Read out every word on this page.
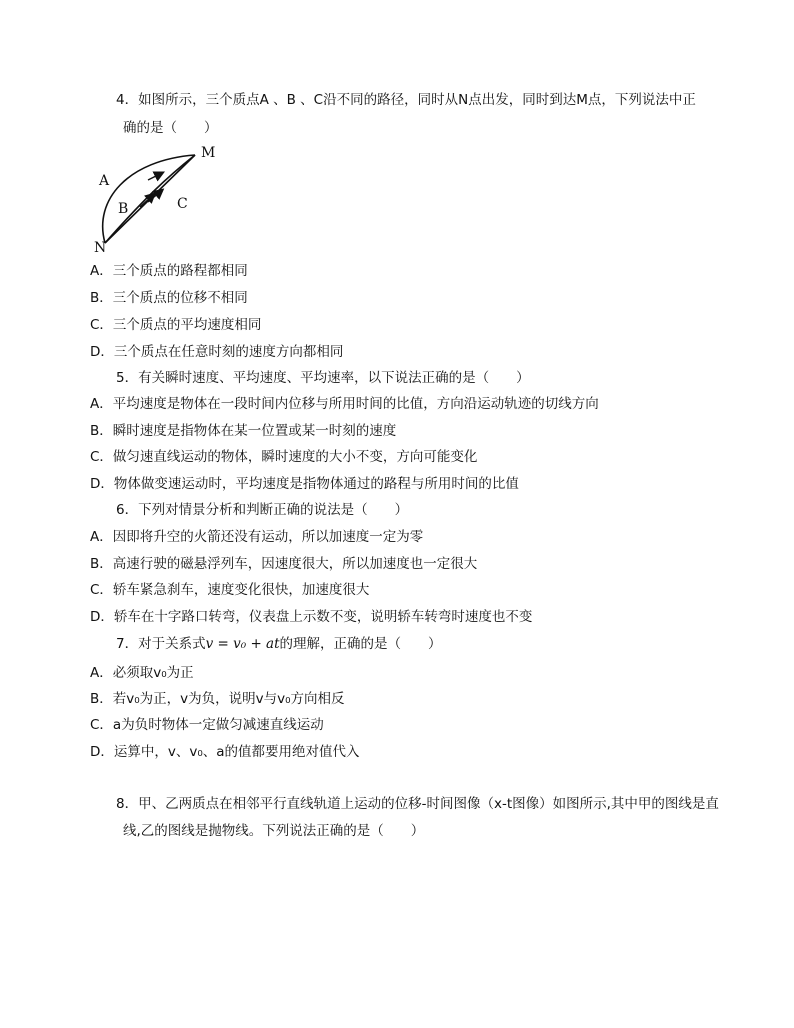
4．如图所示，三个质点A 、B 、C沿不同的路径，同时从N点出发，同时到达M点，下列说法中正
确的是（　　）
M
N
A
B	C
A．三个质点的路程都相同
B．三个质点的位移不相同
C．三个质点的平均速度相同
D．三个质点在任意时刻的速度方向都相同
5．有关瞬时速度、平均速度、平均速率，以下说法正确的是（　　）
A．平均速度是物体在一段时间内位移与所用时间的比值，方向沿运动轨迹的切线方向
B．瞬时速度是指物体在某一位置或某一时刻的速度
C．做匀速直线运动的物体，瞬时速度的大小不变，方向可能变化
D．物体做变速运动时，平均速度是指物体通过的路程与所用时间的比值
6．下列对情景分析和判断正确的说法是（　　）
A．因即将升空的火箭还没有运动，所以加速度一定为零
B．高速行驶的磁悬浮列车，因速度很大，所以加速度也一定很大
C．轿车紧急刹车，速度变化很快，加速度很大
D．轿车在十字路口转弯，仪表盘上示数不变，说明轿车转弯时速度也不变
7．对于关系式v = v₀ + at的理解，正确的是（　　）
A．必须取v₀为正
B．若v₀为正，v为负，说明v与v₀方向相反
C．a为负时物体一定做匀减速直线运动
D．运算中，v、v₀、a的值都要用绝对值代入
8．甲、乙两质点在相邻平行直线轨道上运动的位移-时间图像（x-t图像）如图所示,其中甲的图线是直
线,乙的图线是抛物线。下列说法正确的是（　　）
